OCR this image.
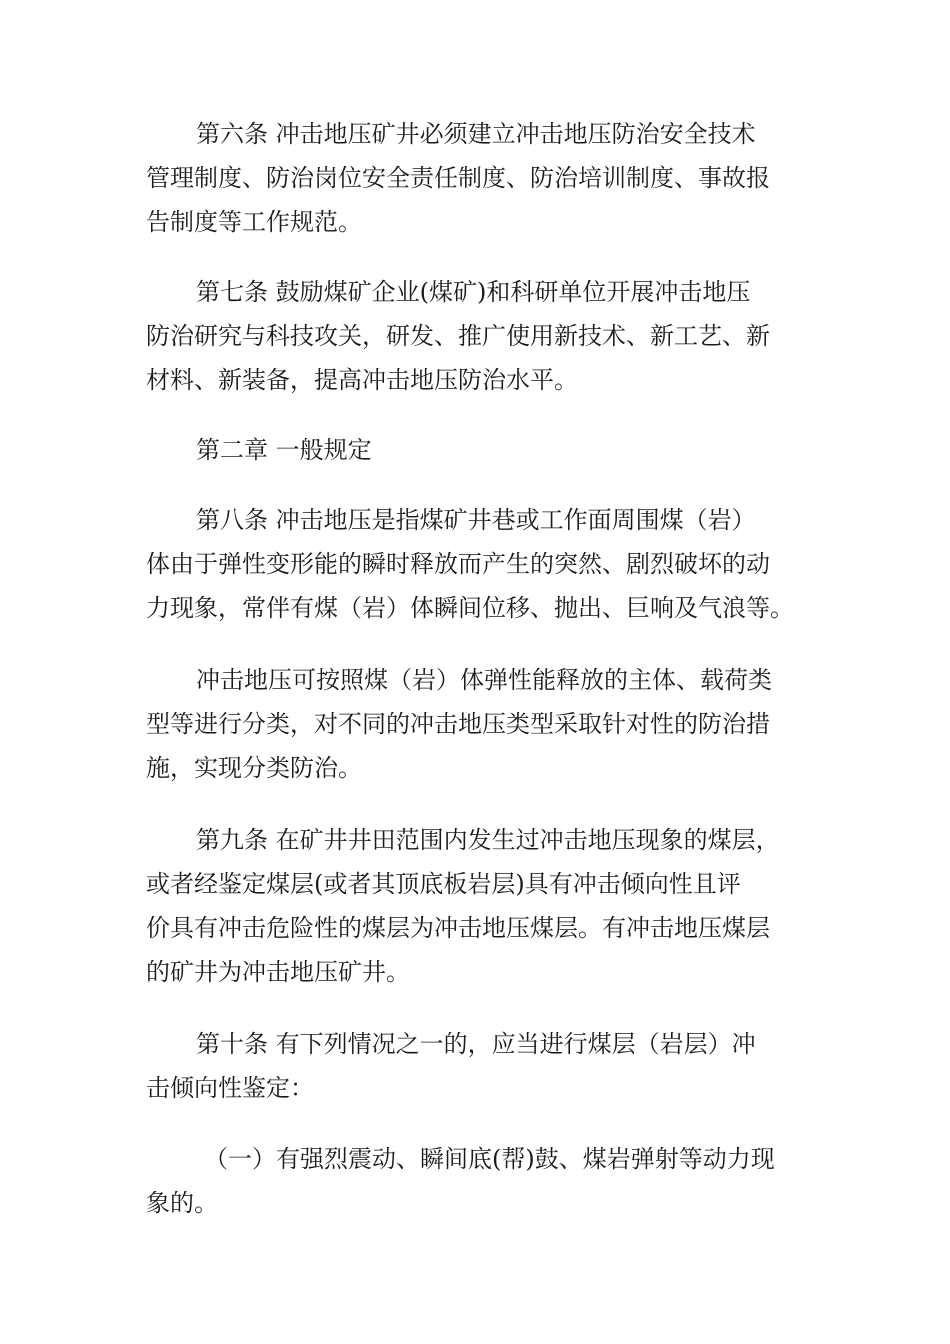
第六条 冲击地压矿井必须建立冲击地压防治安全技术
管理制度、防治岗位安全责任制度、防治培训制度、事故报
告制度等工作规范。

第七条 鼓励煤矿企业(煤矿)和科研单位开展冲击地压
防治研究与科技攻关，研发、推广使用新技术、新工艺、新
材料、新装备，提高冲击地压防治水平。

第二章 一般规定

第八条 冲击地压是指煤矿井巷或工作面周围煤（岩）
体由于弹性变形能的瞬时释放而产生的突然、剧烈破坏的动
力现象，常伴有煤（岩）体瞬间位移、抛出、巨响及气浪等。

冲击地压可按照煤（岩）体弹性能释放的主体、载荷类
型等进行分类，对不同的冲击地压类型采取针对性的防治措
施，实现分类防治。

第九条 在矿井井田范围内发生过冲击地压现象的煤层，
或者经鉴定煤层(或者其顶底板岩层)具有冲击倾向性且评
价具有冲击危险性的煤层为冲击地压煤层。有冲击地压煤层
的矿井为冲击地压矿井。

第十条 有下列情况之一的，应当进行煤层（岩层）冲
击倾向性鉴定：

（一）有强烈震动、瞬间底(帮)鼓、煤岩弹射等动力现
象的。
